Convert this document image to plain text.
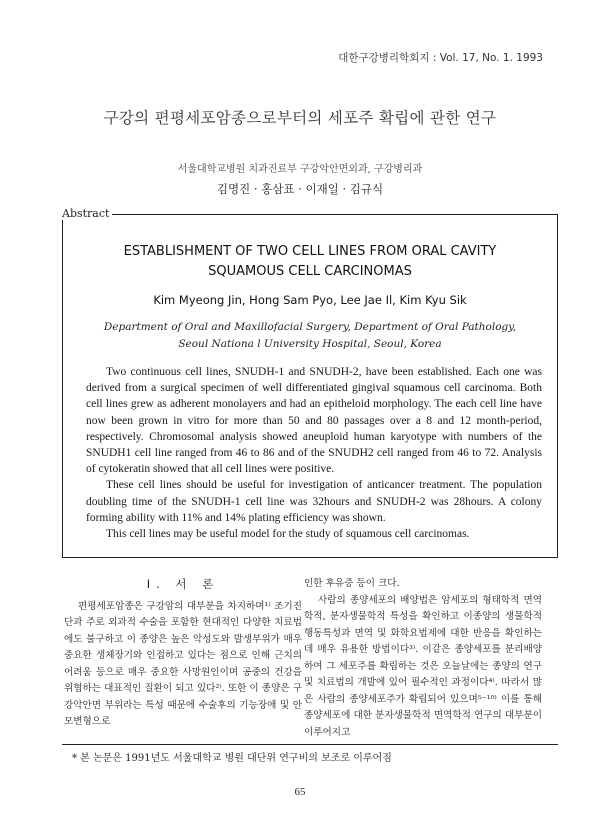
대한구강병리학회지 : Vol. 17, No. 1. 1993
구강의 편평세포암종으로부터의 세포주 확립에 관한 연구
서울대학교병원 치과진료부 구강악안면외과, 구강병리과
김명진 · 홍삼표 · 이재일 · 김규식
Abstract
ESTABLISHMENT OF TWO CELL LINES FROM ORAL CAVITY
SQUAMOUS CELL CARCINOMAS
Kim Myeong Jin, Hong Sam Pyo, Lee Jae Il, Kim Kyu Sik
Department of Oral and Maxillofacial Surgery, Department of Oral Pathology,
Seoul Nationa l University Hospital, Seoul, Korea

Two continuous cell lines, SNUDH-1 and SNUDH-2, have been established. Each one was derived from a surgical specimen of well differentiated gingival squamous cell carcinoma. Both cell lines grew as adherent monolayers and had an epitheloid morphology. The each cell line have now been grown in vitro for more than 50 and 80 passages over a 8 and 12 month-period, respectively. Chromosomal analysis showed aneuploid human karyotype with numbers of the SNUDH1 cell line ranged from 46 to 86 and of the SNUDH2 cell ranged from 46 to 72. Analysis of cytokeratin showed that all cell lines were positive.

These cell lines should be useful for investigation of anticancer treatment. The population doubling time of the SNUDH-1 cell line was 32hours and SNUDH-2 was 28hours. A colony forming ability with 11% and 14% plating efficiency was shown.

This cell lines may be useful model for the study of squamous cell carcinomas.

Ⅰ. 서 론

편평세포암종은 구강암의 대부분을 차지하며¹⁾ 조기진단과 주로 외과적 수술을 포함한 현대적인 다양한 치료법에도 불구하고 이 종양은 높은 악성도와 발생부위가 매우 중요한 생체장기와 인접하고 있다는 점으로 인해 근치의 어려움 등으로 매우 중요한 사망원인이며 공중의 건강을 위협하는 대표적인 질환이 되고 있다²⁾. 또한 이 종양은 구강악안면 부위라는 특성 때문에 수술후의 기능장애 및 안모변형으로

인한 후유증 등이 크다.

사람의 종양세포의 배양법은 암세포의 형태학적 면역학적, 분자생물학적 특성을 확인하고 이종양의 생물학적 행동특성과 면역 및 화학요법제에 대한 반응을 확인하는데 매우 유용한 방법이다³⁾. 이같은 종양세포를 분리배양하여 그 세포주를 확립하는 것은 오늘날에는 종양의 연구 및 치료법의 개발에 있어 필수적인 과정이다⁴⁾. 따라서 많은 사람의 종양세포주가 확립되어 있으며⁵⁻¹⁰⁾ 이를 통해 종양세포에 대한 분자생물학적 면역학적 연구의 대부분이 이루어지고

* 본 논문은 1991년도 서울대학교 병원 대단위 연구비의 보조로 이루어짐
65
